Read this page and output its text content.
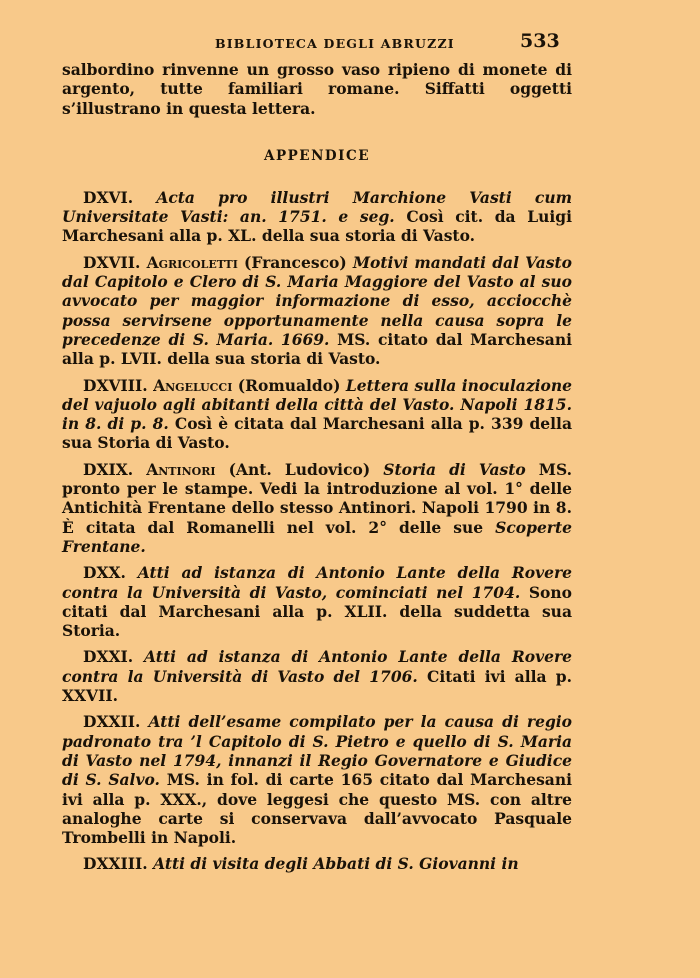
BIBLIOTECA DEGLI ABRUZZI	533

salbordino rinvenne un grosso vaso ripieno di monete di argento, tutte familiari romane. Siffatti oggetti s’illustrano in questa lettera.

APPENDICE

DXVI. Acta pro illustri Marchione Vasti cum Universitate Vasti: an. 1751. e seg. Così cit. da Luigi Marchesani alla p. XL. della sua storia di Vasto.

DXVII. Agricoletti (Francesco) Motivi mandati dal Vasto dal Capitolo e Clero di S. Maria Maggiore del Vasto al suo avvocato per maggior informazione di esso, acciocchè possa servirsene opportunamente nella causa sopra le precedenze di S. Maria. 1669. MS. citato dal Marchesani alla p. LVII. della sua storia di Vasto.

DXVIII. Angelucci (Romualdo) Lettera sulla inoculazione del vajuolo agli abitanti della città del Vasto. Napoli 1815. in 8. di p. 8. Così è citata dal Marchesani alla p. 339 della sua Storia di Vasto.

DXIX. Antinori (Ant. Ludovico) Storia di Vasto MS. pronto per le stampe. Vedi la introduzione al vol. 1° delle Antichità Frentane dello stesso Antinori. Napoli 1790 in 8. È citata dal Romanelli nel vol. 2° delle sue Scoperte Frentane.

DXX. Atti ad istanza di Antonio Lante della Rovere contra la Università di Vasto, cominciati nel 1704. Sono citati dal Marchesani alla p. XLII. della suddetta sua Storia.

DXXI. Atti ad istanza di Antonio Lante della Rovere contra la Università di Vasto del 1706. Citati ivi alla p. XXVII.

DXXII. Atti dell’esame compilato per la causa di regio padronato tra ’l Capitolo di S. Pietro e quello di S. Maria di Vasto nel 1794, innanzi il Regio Governatore e Giudice di S. Salvo. MS. in fol. di carte 165 citato dal Marchesani ivi alla p. XXX., dove leggesi che questo MS. con altre analoghe carte si conservava dall’avvocato Pasquale Trombelli in Napoli.

DXXIII. Atti di visita degli Abbati di S. Giovanni in
